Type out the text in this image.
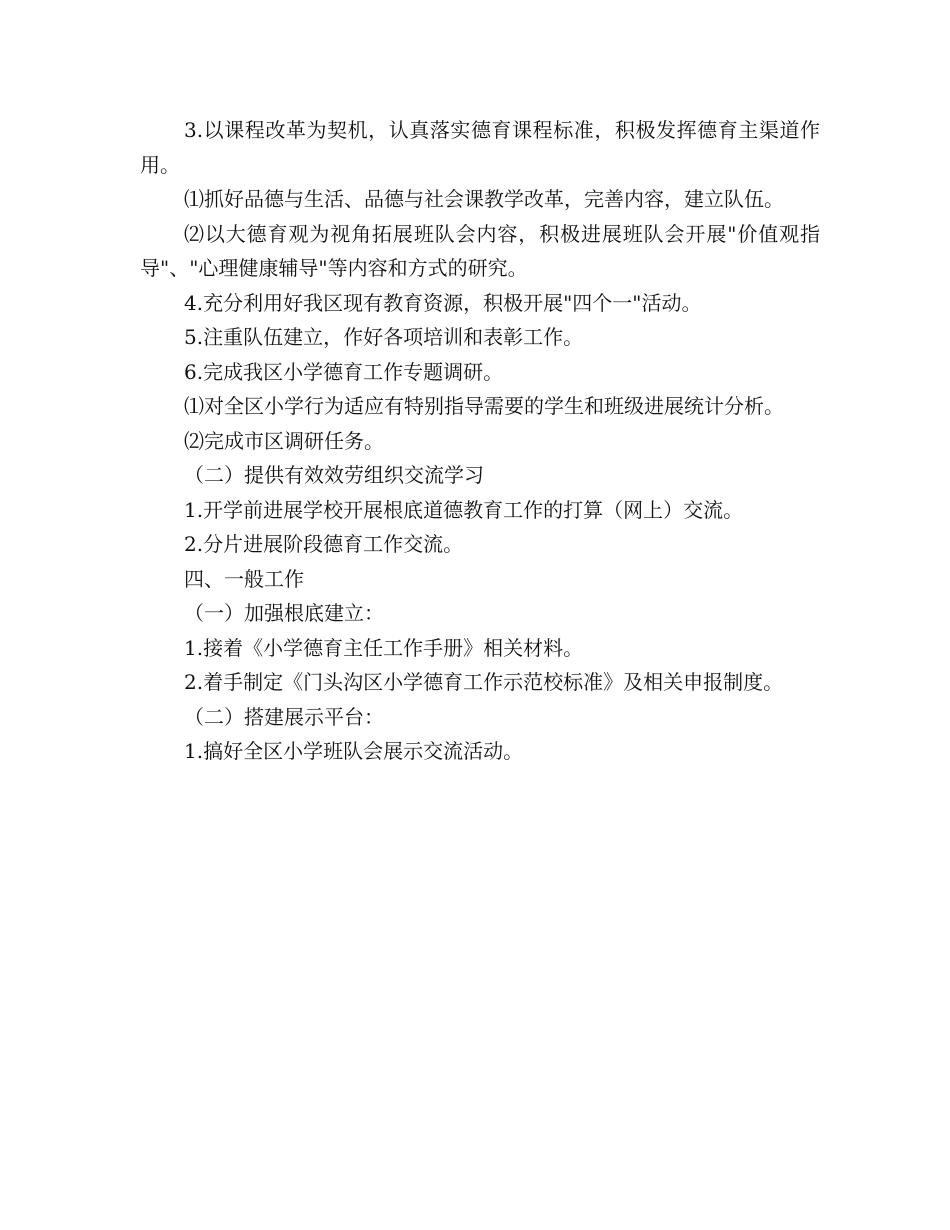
3.以课程改革为契机，认真落实德育课程标准，积极发挥德育主渠道作用。

⑴抓好品德与生活、品德与社会课教学改革，完善内容，建立队伍。

⑵以大德育观为视角拓展班队会内容，积极进展班队会开展"价值观指导"、"心理健康辅导"等内容和方式的研究。

4.充分利用好我区现有教育资源，积极开展"四个一"活动。

5.注重队伍建立，作好各项培训和表彰工作。

6.完成我区小学德育工作专题调研。

⑴对全区小学行为适应有特别指导需要的学生和班级进展统计分析。

⑵完成市区调研任务。

（二）提供有效效劳组织交流学习

1.开学前进展学校开展根底道德教育工作的打算（网上）交流。

2.分片进展阶段德育工作交流。

四、一般工作

（一）加强根底建立：

1.接着《小学德育主任工作手册》相关材料。

2.着手制定《门头沟区小学德育工作示范校标准》及相关申报制度。

（二）搭建展示平台：

1.搞好全区小学班队会展示交流活动。
